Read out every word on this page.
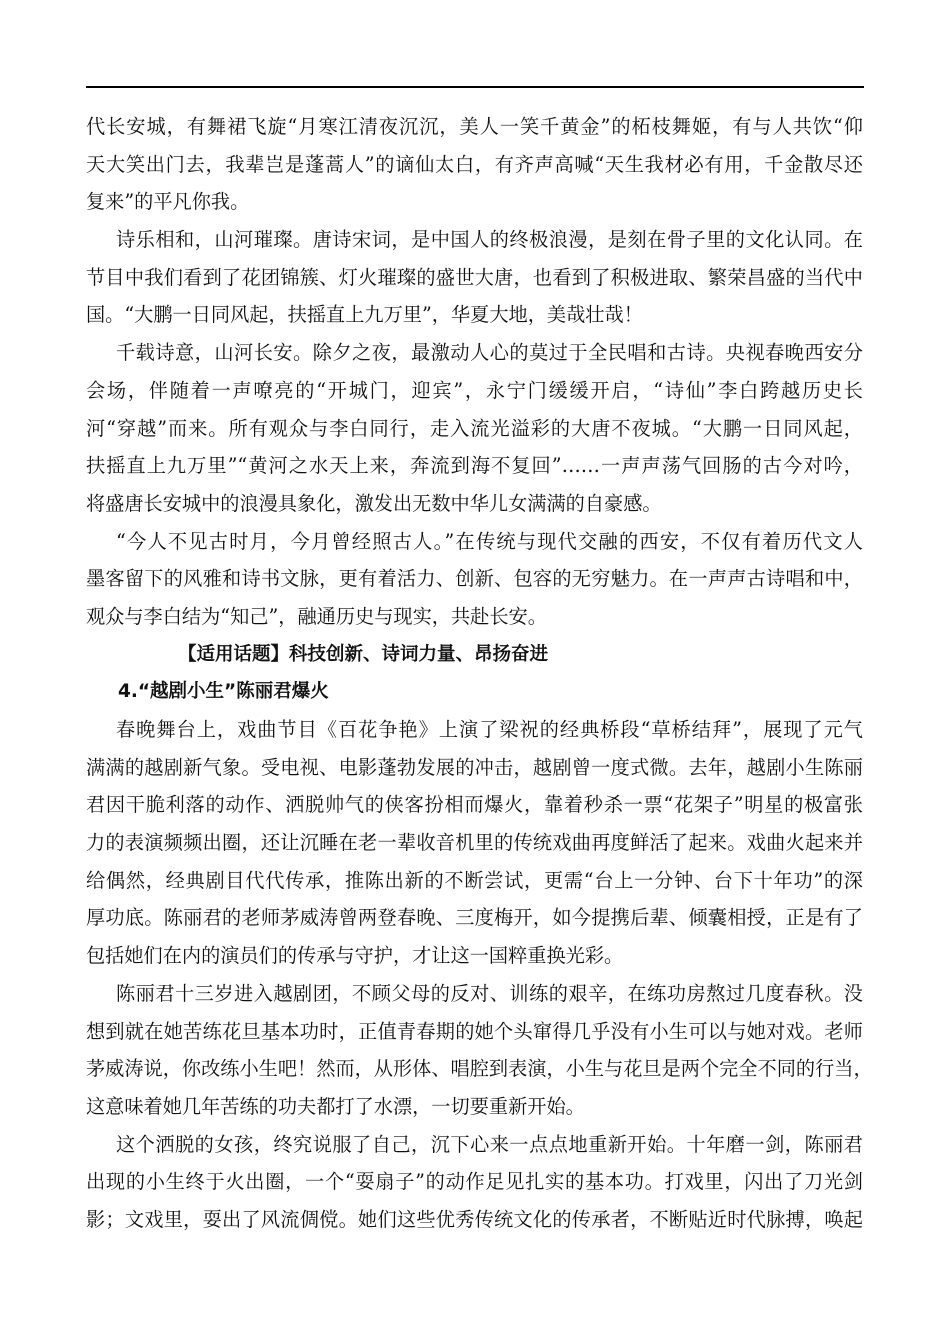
代长安城，有舞裙飞旋“月寒江清夜沉沉，美人一笑千黄金”的柘枝舞姬，有与人共饮“仰
天大笑出门去，我辈岂是蓬蒿人”的谪仙太白，有齐声高喊“天生我材必有用，千金散尽还
复来”的平凡你我。
诗乐相和，山河璀璨。唐诗宋词，是中国人的终极浪漫，是刻在骨子里的文化认同。在
节目中我们看到了花团锦簇、灯火璀璨的盛世大唐，也看到了积极进取、繁荣昌盛的当代中
国。“大鹏一日同风起，扶摇直上九万里”，华夏大地，美哉壮哉！
千载诗意，山河长安。除夕之夜，最激动人心的莫过于全民唱和古诗。央视春晚西安分
会场，伴随着一声嘹亮的“开城门，迎宾”，永宁门缓缓开启，“诗仙”李白跨越历史长
河“穿越”而来。所有观众与李白同行，走入流光溢彩的大唐不夜城。“大鹏一日同风起，
扶摇直上九万里”“黄河之水天上来，奔流到海不复回”……一声声荡气回肠的古今对吟，
将盛唐长安城中的浪漫具象化，激发出无数中华儿女满满的自豪感。
“今人不见古时月，今月曾经照古人。”在传统与现代交融的西安，不仅有着历代文人
墨客留下的风雅和诗书文脉，更有着活力、创新、包容的无穷魅力。在一声声古诗唱和中，
观众与李白结为“知己”，融通历史与现实，共赴长安。
【适用话题】科技创新、诗词力量、昂扬奋进
4.“越剧小生”陈丽君爆火
春晚舞台上，戏曲节目《百花争艳》上演了梁祝的经典桥段“草桥结拜”，展现了元气
满满的越剧新气象。受电视、电影蓬勃发展的冲击，越剧曾一度式微。去年，越剧小生陈丽
君因干脆利落的动作、洒脱帅气的侠客扮相而爆火，靠着秒杀一票“花架子”明星的极富张
力的表演频频出圈，还让沉睡在老一辈收音机里的传统戏曲再度鲜活了起来。戏曲火起来并
给偶然，经典剧目代代传承，推陈出新的不断尝试，更需“台上一分钟、台下十年功”的深
厚功底。陈丽君的老师茅威涛曾两登春晚、三度梅开，如今提携后辈、倾囊相授，正是有了
包括她们在内的演员们的传承与守护，才让这一国粹重换光彩。
陈丽君十三岁进入越剧团，不顾父母的反对、训练的艰辛，在练功房熬过几度春秋。没
想到就在她苦练花旦基本功时，正值青春期的她个头窜得几乎没有小生可以与她对戏。老师
茅威涛说，你改练小生吧！然而，从形体、唱腔到表演，小生与花旦是两个完全不同的行当，
这意味着她几年苦练的功夫都打了水漂，一切要重新开始。
这个洒脱的女孩，终究说服了自己，沉下心来一点点地重新开始。十年磨一剑，陈丽君
出现的小生终于火出圈，一个“耍扇子”的动作足见扎实的基本功。打戏里，闪出了刀光剑
影；文戏里，耍出了风流倜傥。她们这些优秀传统文化的传承者，不断贴近时代脉搏，唤起
